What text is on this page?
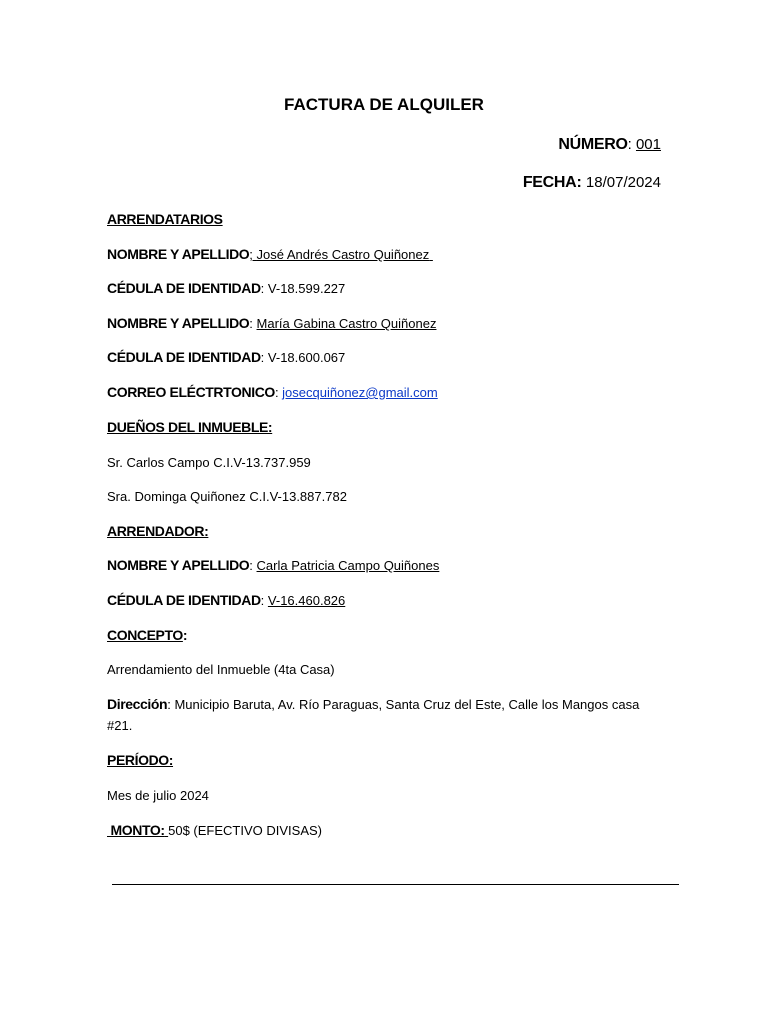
FACTURA DE ALQUILER
NÚMERO: 001
FECHA: 18/07/2024
ARRENDATARIOS
NOMBRE Y APELLIDO; José Andrés Castro Quiñonez
CÉDULA DE IDENTIDAD: V-18.599.227
NOMBRE Y APELLIDO: María Gabina Castro Quiñonez
CÉDULA DE IDENTIDAD: V-18.600.067
CORREO ELÉCTRTONICO: josecquiñonez@gmail.com
DUEÑOS DEL INMUEBLE:
Sr. Carlos Campo C.I.V-13.737.959
Sra. Dominga Quiñonez C.I.V-13.887.782
ARRENDADOR:
NOMBRE Y APELLIDO: Carla Patricia Campo Quiñones
CÉDULA DE IDENTIDAD: V-16.460.826
CONCEPTO:
Arrendamiento del Inmueble (4ta Casa)
Dirección: Municipio Baruta, Av. Río Paraguas, Santa Cruz del Este, Calle los Mangos casa
#21.
PERÍODO:
Mes de julio 2024
MONTO: 50$ (EFECTIVO DIVISAS)
